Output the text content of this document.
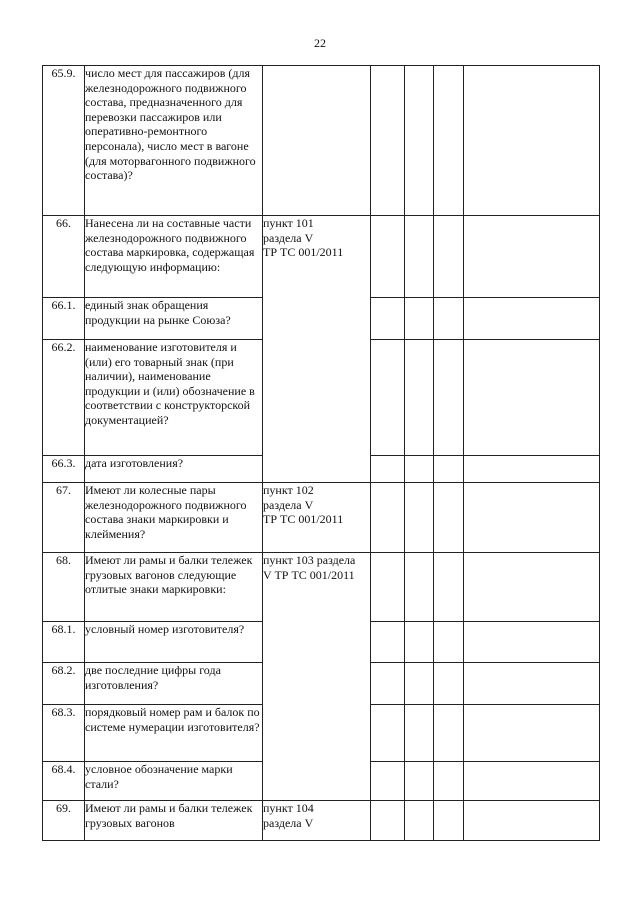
22
65.9.	число мест для пассажиров (для железнодорожного подвижного состава, предназначенного для перевозки пассажиров или оперативно-ремонтного персонала), число мест в вагоне (для моторвагонного подвижного состава)?					
66.	Нанесена ли на составные части железнодорожного подвижного состава маркировка, содержащая следующую информацию:	пункт 101
раздела V
ТР ТС 001/2011				

66.1.	единый знак обращения продукции на рынке Союза?					
66.2.	наименование изготовителя и (или) его товарный знак (при наличии), наименование продукции и (или) обозначение в соответствии с конструкторской документацией?					
66.3.	дата изготовления?					
67.	Имеют ли колесные пары железнодорожного подвижного состава знаки маркировки и клеймения?	пункт 102
раздела V
ТР ТС 001/2011				

68.	Имеют ли рамы и балки тележек грузовых вагонов следующие отлитые знаки маркировки:	пункт 103 раздела
V ТР ТС 001/2011				

68.1.	условный номер изготовителя?					
68.2.	две последние цифры года изготовления?					
68.3.	порядковый номер рам и балок по системе нумерации изготовителя?					
68.4.	условное обозначение марки стали?					
69.	Имеют ли рамы и балки тележек грузовых вагонов	пункт 104
раздела V				
